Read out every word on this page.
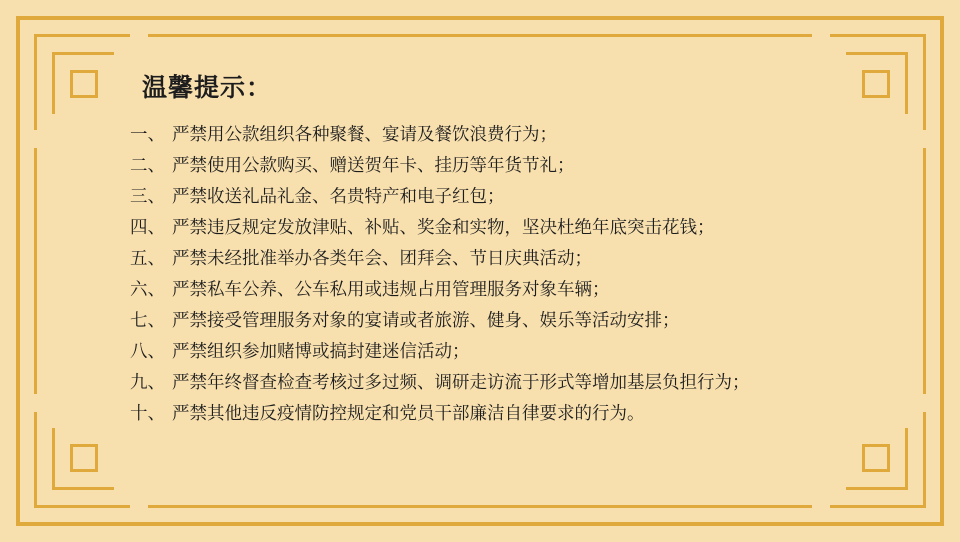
温馨提示：
一、 严禁用公款组织各种聚餐、宴请及餐饮浪费行为；
二、 严禁使用公款购买、赠送贺年卡、挂历等年货节礼；
三、 严禁收送礼品礼金、名贵特产和电子红包；
四、 严禁违反规定发放津贴、补贴、奖金和实物，坚决杜绝年底突击花钱；
五、 严禁未经批准举办各类年会、团拜会、节日庆典活动；
六、 严禁私车公养、公车私用或违规占用管理服务对象车辆；
七、 严禁接受管理服务对象的宴请或者旅游、健身、娱乐等活动安排；
八、 严禁组织参加赌博或搞封建迷信活动；
九、 严禁年终督查检查考核过多过频、调研走访流于形式等增加基层负担行为；
十、 严禁其他违反疫情防控规定和党员干部廉洁自律要求的行为。
